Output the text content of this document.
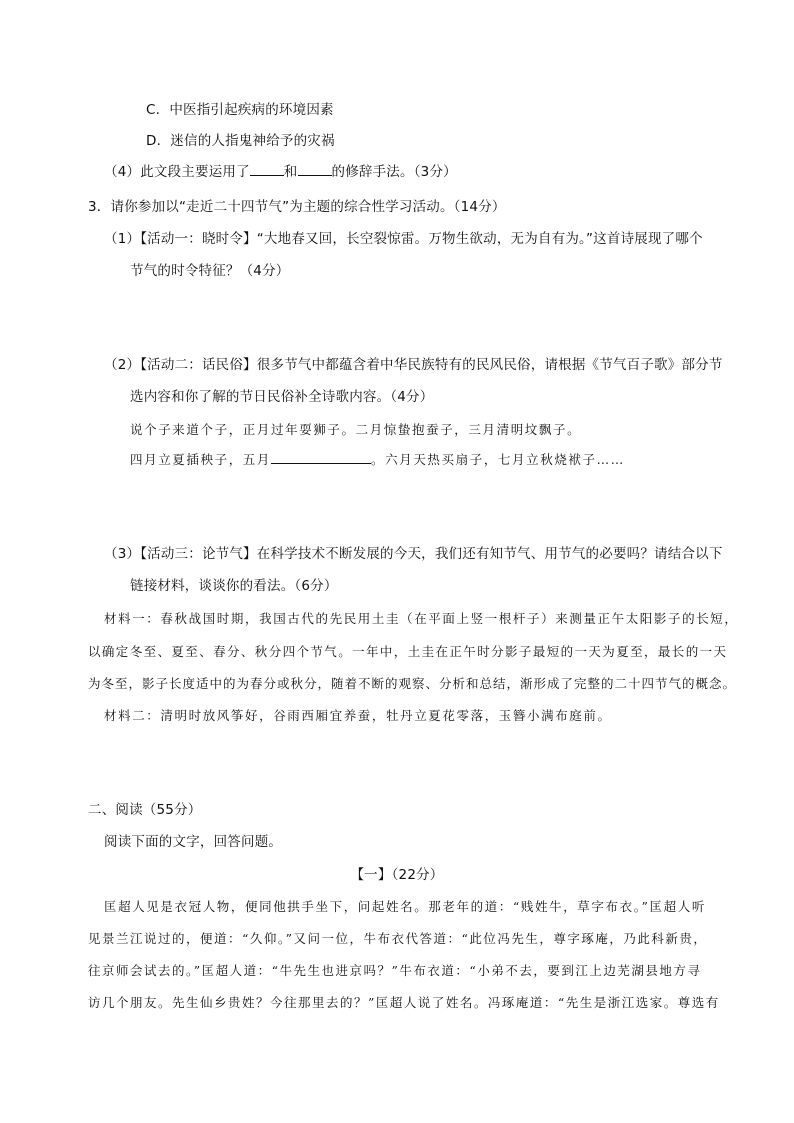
C．中医指引起疾病的环境因素
D．迷信的人指鬼神给予的灾祸
（4）此文段主要运用了	和	的修辞手法。（3分）
3．请你参加以“走近二十四节气”为主题的综合性学习活动。（14分）
（1）【活动一：晓时令】“大地春又回，长空裂惊雷。万物生欲动，无为自有为。”这首诗展现了哪个
节气的时令特征？（4分）
（2）【活动二：话民俗】很多节气中都蕴含着中华民族特有的民风民俗，请根据《节气百子歌》部分节
选内容和你了解的节日民俗补全诗歌内容。（4分）
说个子来道个子，正月过年耍狮子。二月惊蛰抱蚕子，三月清明坟飘子。
四月立夏插秧子，五月	。六月天热买扇子，七月立秋烧袱子……
（3）【活动三：论节气】在科学技术不断发展的今天，我们还有知节气、用节气的必要吗？请结合以下
链接材料，谈谈你的看法。（6分）
材料一：春秋战国时期，我国古代的先民用土圭（在平面上竖一根杆子）来测量正午太阳影子的长短，
以确定冬至、夏至、春分、秋分四个节气。一年中，土圭在正午时分影子最短的一天为夏至，最长的一天
为冬至，影子长度适中的为春分或秋分，随着不断的观察、分析和总结，渐形成了完整的二十四节气的概念。
材料二：清明时放风筝好，谷雨西厢宜养蚕，牡丹立夏花零落，玉簪小满布庭前。
二、阅读（55分）
阅读下面的文字，回答问题。
【一】（22分）
匡超人见是衣冠人物，便同他拱手坐下，问起姓名。那老年的道：“贱姓牛，草字布衣。”匡超人听
见景兰江说过的，便道：“久仰。”又问一位，牛布衣代答道：“此位冯先生，尊字琢庵，乃此科新贵，
往京师会试去的。”匡超人道：“牛先生也进京吗？”牛布衣道：“小弟不去，要到江上边芜湖县地方寻
访几个朋友。先生仙乡贵姓？今往那里去的？”匡超人说了姓名。冯琢庵道：“先生是浙江选家。尊选有
